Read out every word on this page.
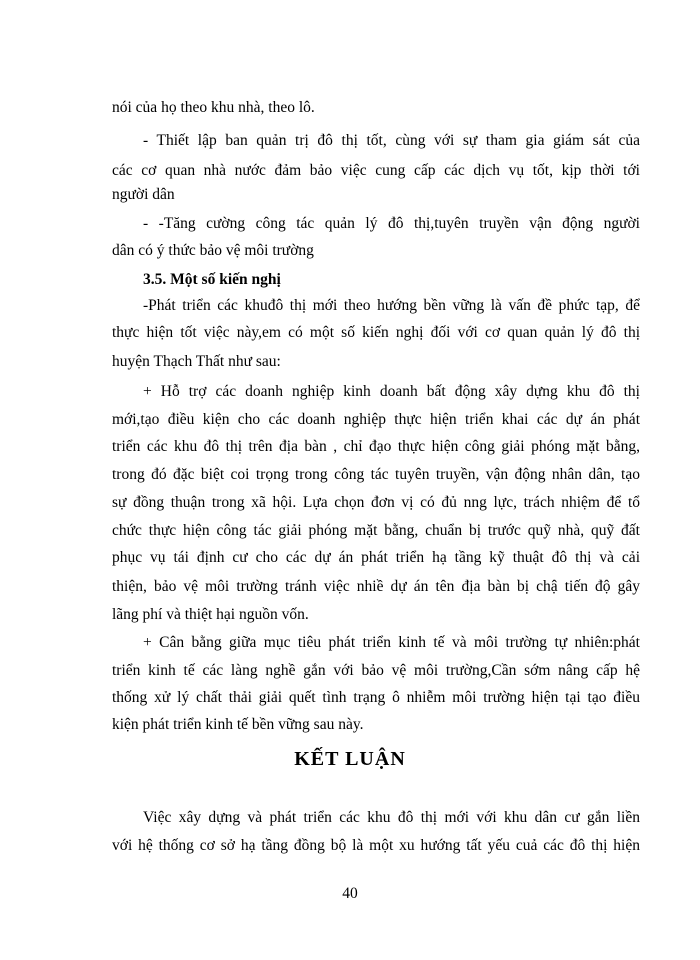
nói của họ theo khu nhà, theo lô.
- Thiết lập ban quản trị đô thị tốt, cùng với sự tham gia giám sát của
các cơ quan nhà nước đảm bảo việc cung cấp các dịch vụ tốt, kịp thời tới
người dân
- -Tăng cường công tác quản lý đô thị,tuyên truyền vận động người
dân có ý thức bảo vệ môi trường
3.5. Một số kiến nghị
-Phát triển các khuđô thị mới theo hướng bền vững là vấn đề phức tạp, để
thực hiện tốt việc này,em có một số kiến nghị đối với cơ quan quản lý đô thị
huyện Thạch Thất như sau:
+ Hỗ trợ các doanh nghiệp kinh doanh bất động xây dựng khu đô thị
mới,tạo điều kiện cho các doanh nghiệp thực hiện triển khai các dự án phát
triển các khu đô thị trên địa bàn , chỉ đạo thực hiện công giải phóng mặt bằng,
trong đó đặc biệt coi trọng trong công tác tuyên truyền, vận động nhân dân, tạo
sự đồng thuận trong xã hội. Lựa chọn đơn vị có đủ nng lực, trách nhiệm để tổ
chức thực hiện công tác giải phóng mặt bằng, chuẩn bị trước quỹ nhà, quỹ đất
phục vụ tái định cư cho các dự án phát triển hạ tầng kỹ thuật đô thị và cải
thiện, bảo vệ môi trường tránh việc nhiề dự án tên địa bàn bị chậ tiến độ gây
lãng phí và thiệt hại nguồn vốn.
+ Cân bằng giữa mục tiêu phát triển kinh tế và môi trường tự nhiên:phát
triển kinh tế các làng nghề gắn với bảo vệ môi trường,Cần sớm nâng cấp hệ
thống xử lý chất thải giải quết tình trạng ô nhiễm môi trường hiện tại tạo điều
kiện phát triển kinh tế bền vững sau này.
KẾT LUẬN
Việc xây dựng và phát triển các khu đô thị mới với khu dân cư gắn liền
với hệ thống cơ sở hạ tầng đồng bộ là một xu hướng tất yếu cuả các đô thị hiện
40
